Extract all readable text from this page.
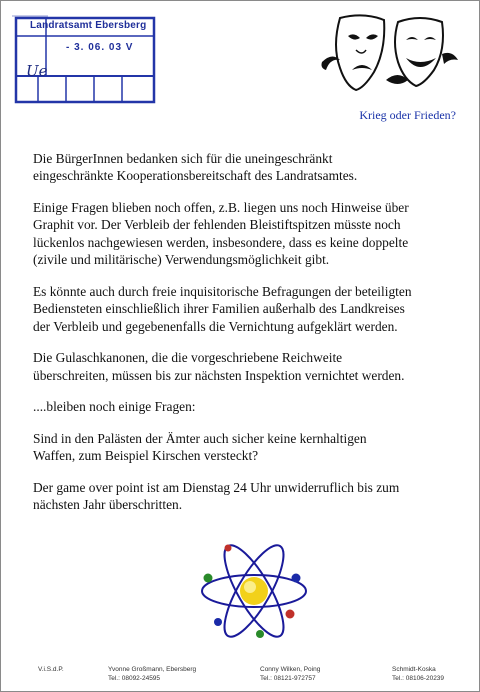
Landratsamt Ebersberg
- 3. 06. 03 V
Ue
Krieg oder Frieden?

Die BürgerInnen bedanken sich für die uneingeschränkt
eingeschränkte Kooperationsbereitschaft des Landratsamtes.

Einige Fragen blieben noch offen, z.B. liegen uns noch Hinweise über
Graphit vor. Der Verbleib der fehlenden Bleistiftspitzen müsste noch
lückenlos nachgewiesen werden, insbesondere, dass es keine doppelte
(zivile und militärische) Verwendungsmöglichkeit gibt.

Es könnte auch durch freie inquisitorische Befragungen der beteiligten
Bediensteten einschließlich ihrer Familien außerhalb des Landkreises
der Verbleib und gegebenenfalls die Vernichtung aufgeklärt werden.

Die Gulaschkanonen, die die vorgeschriebene Reichweite
überschreiten, müssen bis zur nächsten Inspektion vernichtet werden.

....bleiben noch einige Fragen:

Sind in den Palästen der Ämter auch sicher keine kernhaltigen
Waffen, zum Beispiel Kirschen versteckt?

Der game over point ist am Dienstag 24 Uhr unwiderruflich bis zum
nächsten Jahr überschritten.

V.i.S.d.P.	Yvonne Großmann, Ebersberg
Tel.: 08092-24595
Conny Wilken, Poing
Tel.: 08121-972757
Schmidt-Koska
Tel.: 08106-20239
